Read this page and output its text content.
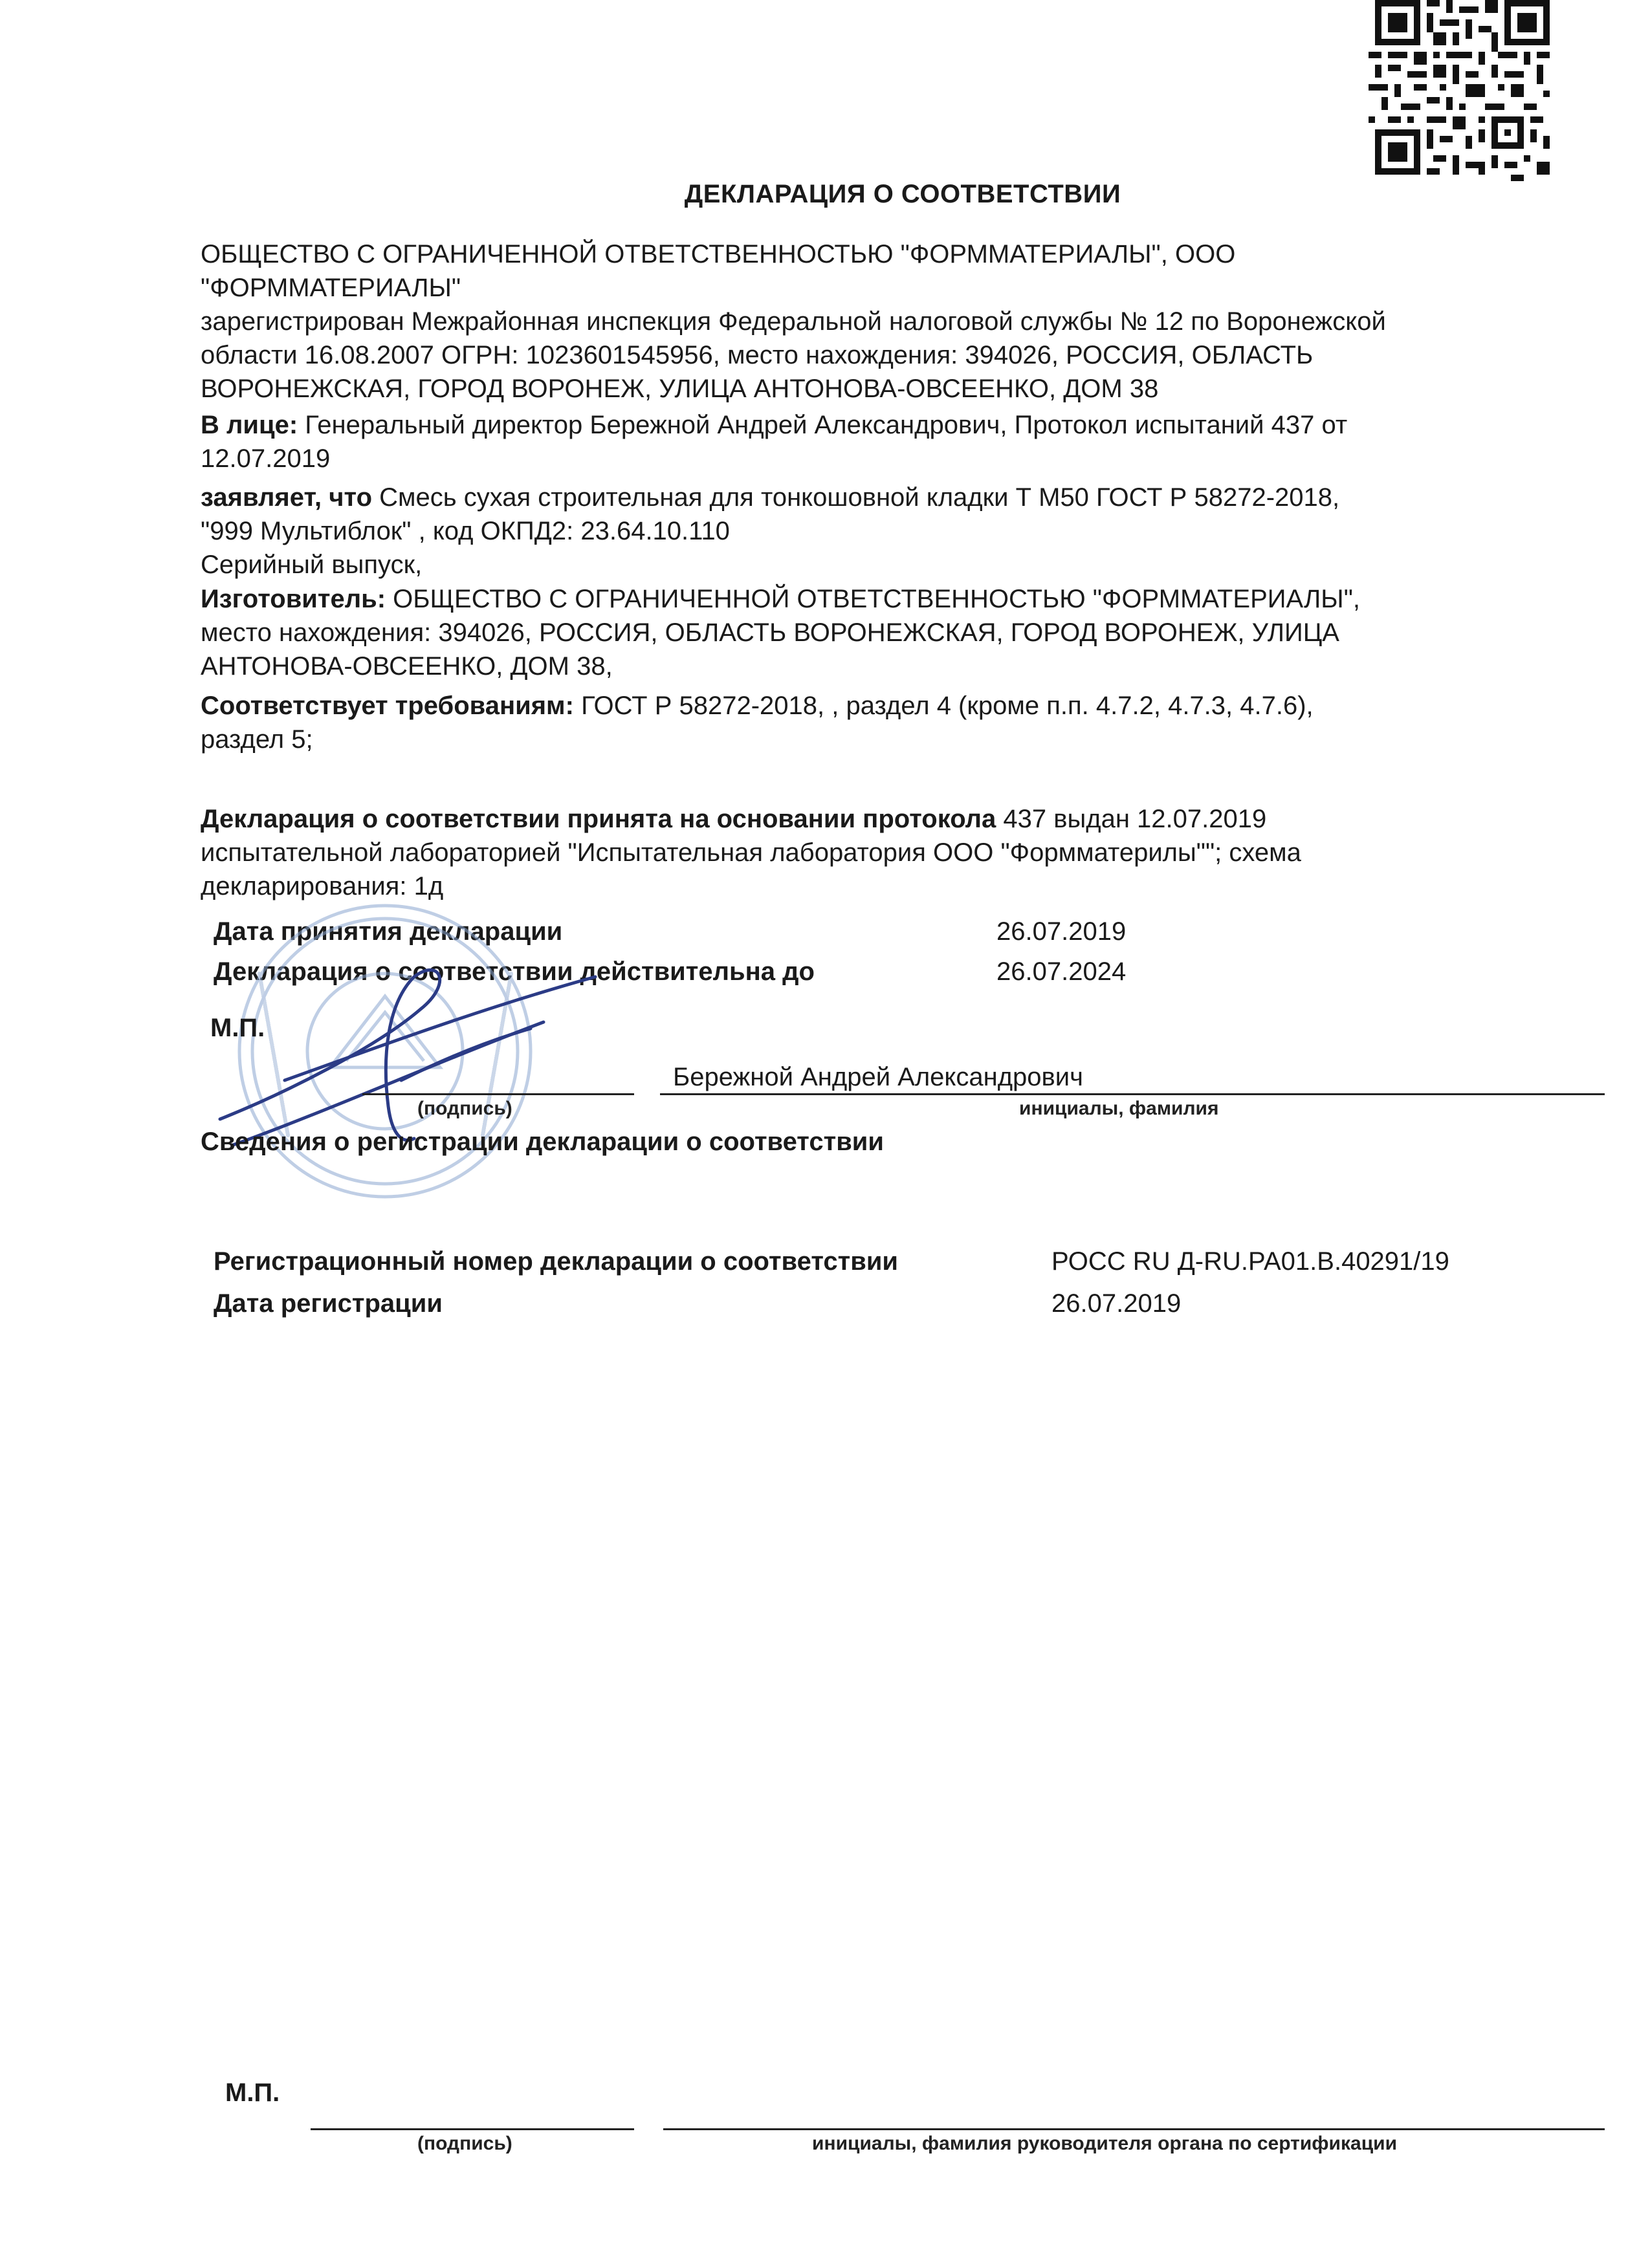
ДЕКЛАРАЦИЯ О СООТВЕТСТВИИ
ОБЩЕСТВО С ОГРАНИЧЕННОЙ ОТВЕТСТВЕННОСТЬЮ "ФОРММАТЕРИАЛЫ", ООО
"ФОРММАТЕРИАЛЫ"
зарегистрирован Межрайонная инспекция Федеральной налоговой службы № 12 по Воронежской
области 16.08.2007 ОГРН: 1023601545956, место нахождения: 394026, РОССИЯ, ОБЛАСТЬ
ВОРОНЕЖСКАЯ, ГОРОД ВОРОНЕЖ, УЛИЦА АНТОНОВА-ОВСЕЕНКО, ДОМ 38
В лице: Генеральный директор Бережной Андрей Александрович, Протокол испытаний 437 от
12.07.2019
заявляет, что Смесь сухая строительная для тонкошовной кладки Т М50 ГОСТ Р 58272-2018,
"999 Мультиблок" , код ОКПД2: 23.64.10.110
Серийный выпуск,
Изготовитель: ОБЩЕСТВО С ОГРАНИЧЕННОЙ ОТВЕТСТВЕННОСТЬЮ "ФОРММАТЕРИАЛЫ",
место нахождения: 394026, РОССИЯ, ОБЛАСТЬ ВОРОНЕЖСКАЯ, ГОРОД ВОРОНЕЖ, УЛИЦА
АНТОНОВА-ОВСЕЕНКО, ДОМ 38,
Соответствует требованиям: ГОСТ Р 58272-2018, , раздел 4 (кроме п.п. 4.7.2, 4.7.3, 4.7.6),
раздел 5;
Декларация о соответствии принята на основании протокола 437 выдан 12.07.2019
испытательной лабораторией "Испытательная лаборатория ООО "Формматерилы""; схема
декларирования: 1д
Дата принятия декларации	26.07.2019
Декларация о соответствии действительна до	26.07.2024
М.П.
Бережной Андрей Александрович
(подпись)	инициалы, фамилия
Сведения о регистрации декларации о соответствии
Регистрационный номер декларации о соответствии	РОСС RU Д-RU.РА01.В.40291/19
Дата регистрации	26.07.2019
М.П.
(подпись)	инициалы, фамилия руководителя органа по сертификации
